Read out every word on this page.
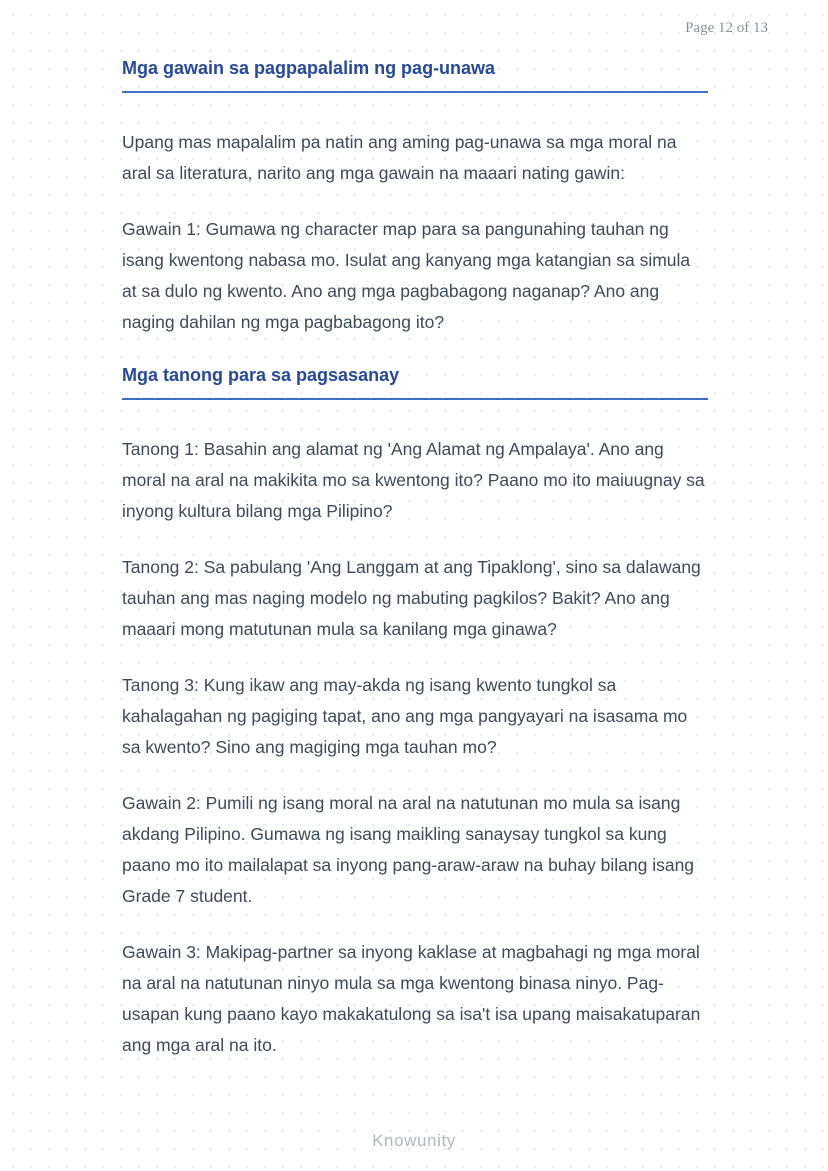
Page 12 of 13
Mga gawain sa pagpapalalim ng pag-unawa

Upang mas mapalalim pa natin ang aming pag-unawa sa mga moral na aral sa literatura, narito ang mga gawain na maaari nating gawin:

Gawain 1: Gumawa ng character map para sa pangunahing tauhan ng isang kwentong nabasa mo. Isulat ang kanyang mga katangian sa simula at sa dulo ng kwento. Ano ang mga pagbabagong naganap? Ano ang naging dahilan ng mga pagbabagong ito?

Mga tanong para sa pagsasanay

Tanong 1: Basahin ang alamat ng 'Ang Alamat ng Ampalaya'. Ano ang moral na aral na makikita mo sa kwentong ito? Paano mo ito maiuugnay sa inyong kultura bilang mga Pilipino?

Tanong 2: Sa pabulang 'Ang Langgam at ang Tipaklong', sino sa dalawang tauhan ang mas naging modelo ng mabuting pagkilos? Bakit? Ano ang maaari mong matutunan mula sa kanilang mga ginawa?

Tanong 3: Kung ikaw ang may-akda ng isang kwento tungkol sa kahalagahan ng pagiging tapat, ano ang mga pangyayari na isasama mo sa kwento? Sino ang magiging mga tauhan mo?

Gawain 2: Pumili ng isang moral na aral na natutunan mo mula sa isang akdang Pilipino. Gumawa ng isang maikling sanaysay tungkol sa kung paano mo ito mailalapat sa inyong pang-araw-araw na buhay bilang isang Grade 7 student.

Gawain 3: Makipag-partner sa inyong kaklase at magbahagi ng mga moral na aral na natutunan ninyo mula sa mga kwentong binasa ninyo. Pag-usapan kung paano kayo makakatulong sa isa't isa upang maisakatuparan ang mga aral na ito.

Knowunity
